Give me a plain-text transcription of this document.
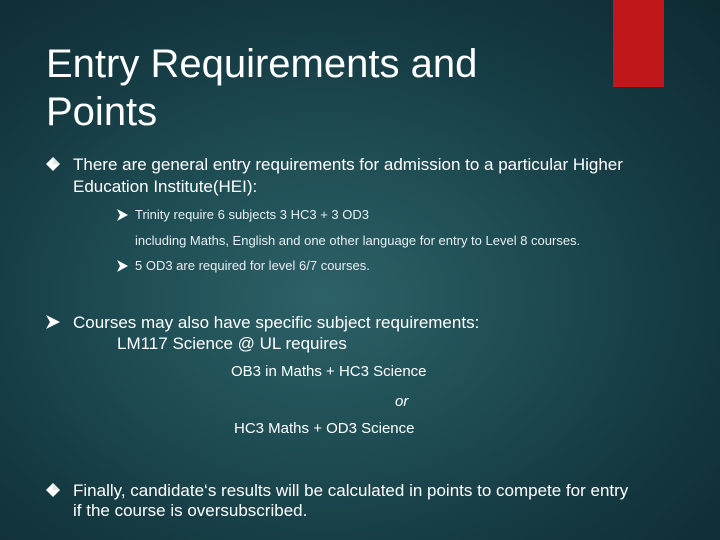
Entry Requirements and
Points
There are general entry requirements for admission to a particular Higher
Education Institute(HEI):
Trinity require 6 subjects 3 HC3 + 3 OD3
including Maths, English and one other language for entry to Level 8 courses.
5 OD3 are required for level 6/7 courses.
Courses may also have specific subject requirements:
LM117 Science @ UL requires
OB3 in Maths + HC3 Science
or
HC3 Maths + OD3 Science
Finally, candidate‘s results will be calculated in points to compete for entry
if the course is oversubscribed.
